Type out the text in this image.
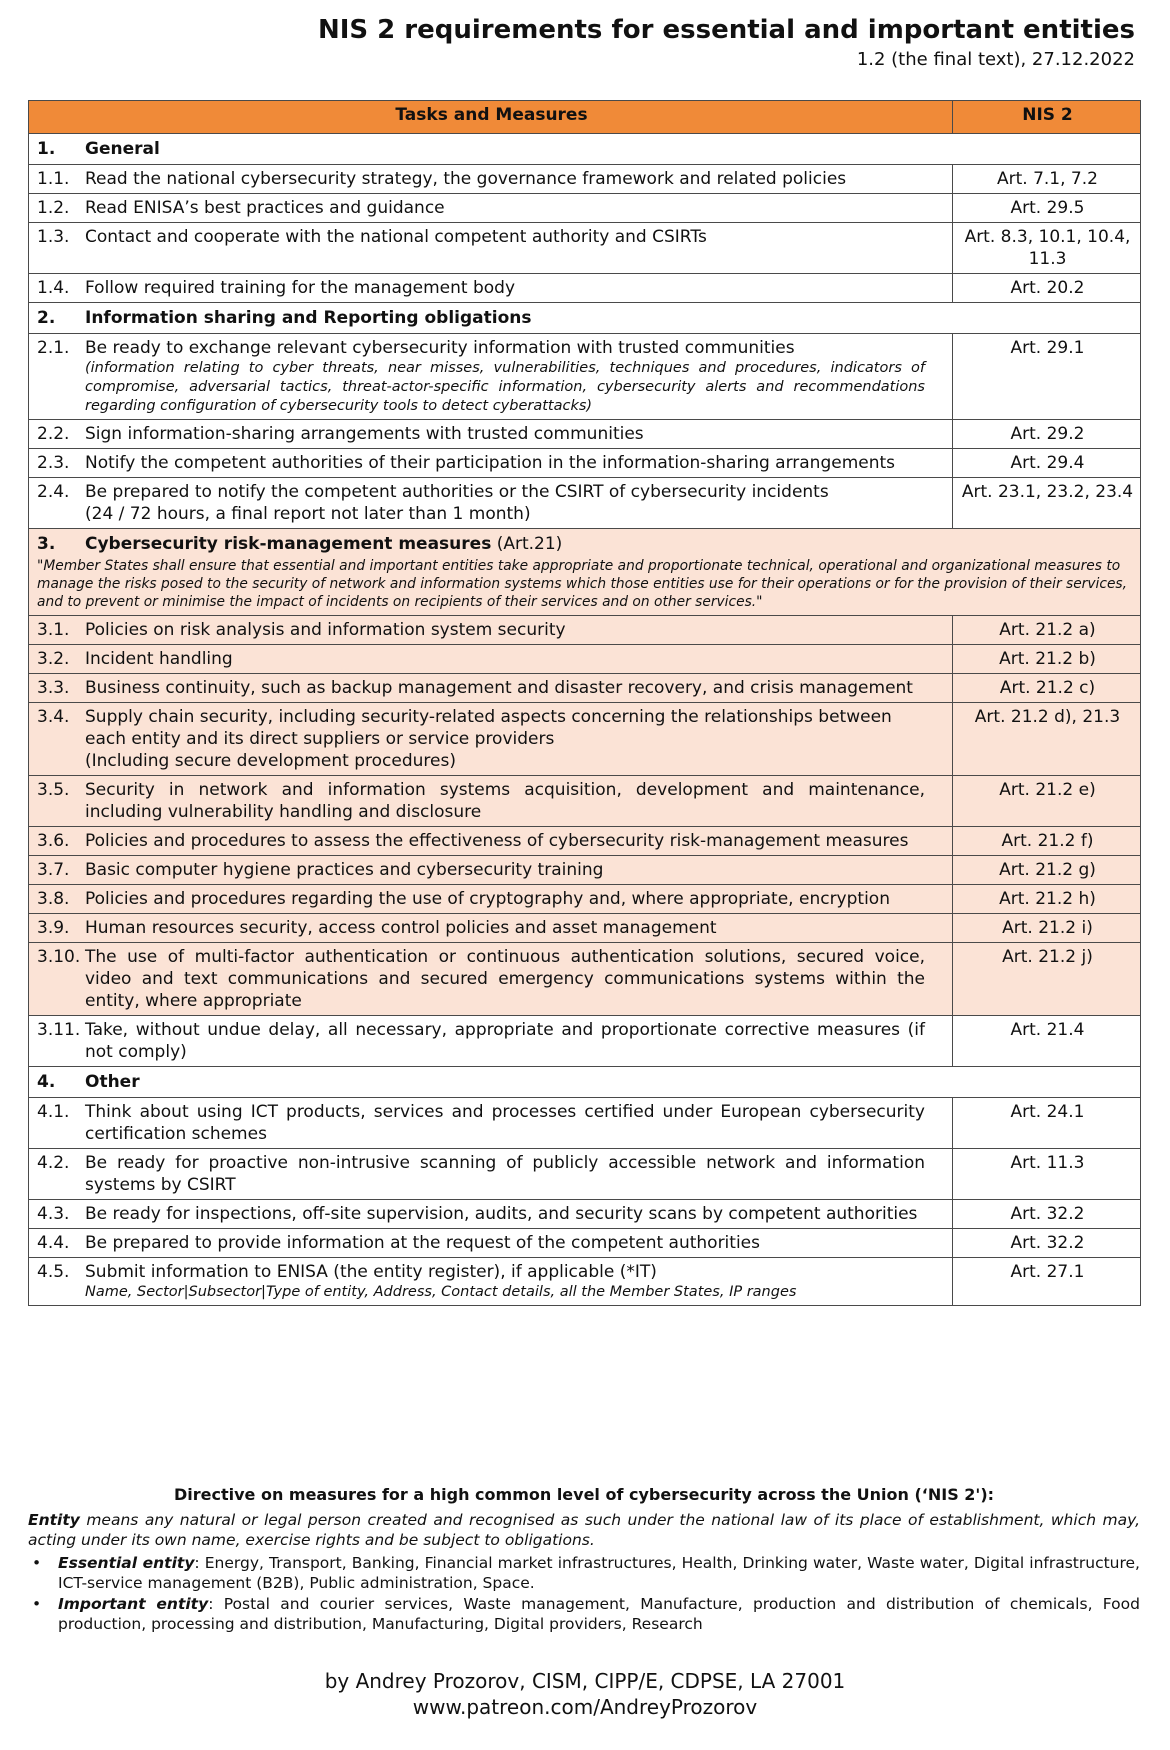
NIS 2 requirements for essential and important entities
1.2 (the final text), 27.12.2022
Tasks and Measures	NIS 2
1. General	
1.1. Read the national cybersecurity strategy, the governance framework and related policies	Art. 7.1, 7.2
1.2. Read ENISA’s best practices and guidance	Art. 29.5
1.3. Contact and cooperate with the national competent authority and CSIRTs	Art. 8.3, 10.1, 10.4, 11.3
1.4. Follow required training for the management body	Art. 20.2
2. Information sharing and Reporting obligations	
2.1. Be ready to exchange relevant cybersecurity information with trusted communities
(information relating to cyber threats, near misses, vulnerabilities, techniques and procedures, indicators of compromise, adversarial tactics, threat-actor-specific information, cybersecurity alerts and recommendations regarding configuration of cybersecurity tools to detect cyberattacks)	Art. 29.1
2.2. Sign information-sharing arrangements with trusted communities	Art. 29.2
2.3. Notify the competent authorities of their participation in the information-sharing arrangements	Art. 29.4
2.4. Be prepared to notify the competent authorities or the CSIRT of cybersecurity incidents
(24 / 72 hours, a final report not later than 1 month)	Art. 23.1, 23.2, 23.4
3. Cybersecurity risk-management measures (Art.21)
"Member States shall ensure that essential and important entities take appropriate and proportionate technical, operational and organizational measures to manage the risks posed to the security of network and information systems which those entities use for their operations or for the provision of their services, and to prevent or minimise the impact of incidents on recipients of their services and on other services."	

3.1. Policies on risk analysis and information system security	Art. 21.2 a)
3.2. Incident handling	Art. 21.2 b)
3.3. Business continuity, such as backup management and disaster recovery, and crisis management	Art. 21.2 c)
3.4. Supply chain security, including security-related aspects concerning the relationships between each entity and its direct suppliers or service providers
(Including secure development procedures)	Art. 21.2 d), 21.3
3.5. Security in network and information systems acquisition, development and maintenance, including vulnerability handling and disclosure	Art. 21.2 e)
3.6. Policies and procedures to assess the effectiveness of cybersecurity risk-management measures	Art. 21.2 f)
3.7. Basic computer hygiene practices and cybersecurity training	Art. 21.2 g)
3.8. Policies and procedures regarding the use of cryptography and, where appropriate, encryption	Art. 21.2 h)
3.9. Human resources security, access control policies and asset management	Art. 21.2 i)
3.10. The use of multi-factor authentication or continuous authentication solutions, secured voice, video and text communications and secured emergency communications systems within the entity, where appropriate	Art. 21.2 j)
3.11. Take, without undue delay, all necessary, appropriate and proportionate corrective measures (if not comply)	Art. 21.4
4. Other	
4.1. Think about using ICT products, services and processes certified under European cybersecurity certification schemes	Art. 24.1
4.2. Be ready for proactive non-intrusive scanning of publicly accessible network and information systems by CSIRT	Art. 11.3
4.3. Be ready for inspections, off-site supervision, audits, and security scans by competent authorities	Art. 32.2
4.4. Be prepared to provide information at the request of the competent authorities	Art. 32.2
4.5. Submit information to ENISA (the entity register), if applicable (*IT)
Name, Sector|Subsector|Type of entity, Address, Contact details, all the Member States, IP ranges	Art. 27.1
Directive on measures for a high common level of cybersecurity across the Union (‘NIS 2'):
Entity means any natural or legal person created and recognised as such under the national law of its place of establishment, which may, acting under its own name, exercise rights and be subject to obligations.
• Essential entity: Energy, Transport, Banking, Financial market infrastructures, Health, Drinking water, Waste water, Digital infrastructure, ICT-service management (B2B), Public administration, Space.
• Important entity: Postal and courier services, Waste management, Manufacture, production and distribution of chemicals, Food production, processing and distribution, Manufacturing, Digital providers, Research
by Andrey Prozorov, CISM, CIPP/E, CDPSE, LA 27001
www.patreon.com/AndreyProzorov
